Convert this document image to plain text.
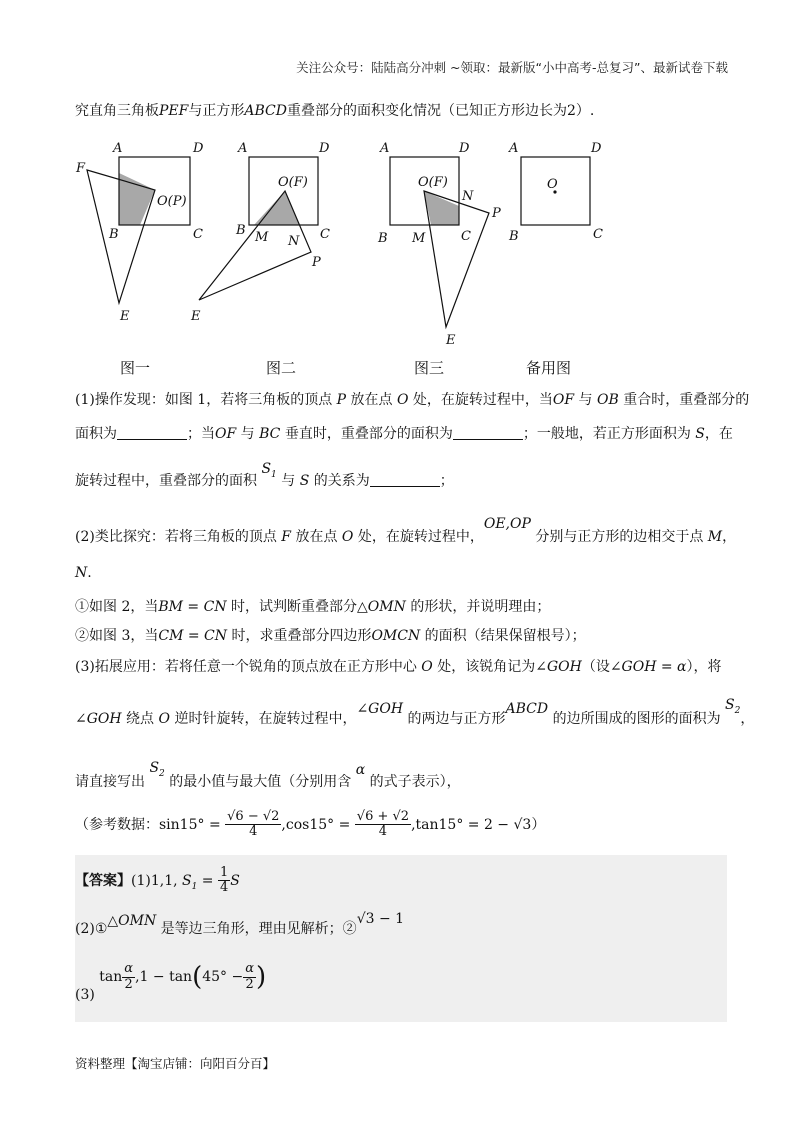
关注公众号：陆陆高分冲刺 ~领取：最新版“小中高考-总复习”、最新试卷下载
究直角三角板PEF与正方形ABCD重叠部分的面积变化情况（已知正方形边长为2）.
A	D
B	C
F
O(P)
E
A	D
B M N C
O(F)
P
E
A	D
B M	C
O(F)
N
P
E
A	D
O
B	C
图一	图二	图三	备用图
(1)操作发现：如图 1，若将三角板的顶点 P 放在点 O 处，在旋转过程中，当OF 与 OB 重合时，重叠部分的
面积为	；当OF 与 BC 垂直时，重叠部分的面积为	；一般地，若正方形面积为 S，在
旋转过程中，重叠部分的面积 $S_1$ 与 S 的关系为	；
(2)类比探究：若将三角板的顶点 F 放在点 O 处，在旋转过程中，OE,OP 分别与正方形的边相交于点 M，
N.
①如图 2，当BM = CN 时，试判断重叠部分△OMN 的形状，并说明理由；
②如图 3，当CM = CN 时，求重叠部分四边形OMCN 的面积（结果保留根号）；
(3)拓展应用：若将任意一个锐角的顶点放在正方形中心 O 处，该锐角记为∠GOH（设∠GOH = α），将
∠GOH 绕点 O 逆时针旋转，在旋转过程中，∠GOH 的两边与正方形ABCD 的边所围成的图形的面积为 $S_2$，
请直接写出 $S_2$ 的最小值与最大值（分别用含 α 的式子表示），
（参考数据：$\sin 15^\circ = \frac{√6 - √2}{4} ,\cos 15^\circ = \frac{√6 + √2}{4} ,\tan 15^\circ = 2 - √3$）
【答案】(1)1,1, $S_1 = \frac{1}{4}$ S
(2)①△OMN 是等边三角形，理由见解析；②√3 − 1
(3) $\tan \frac{\alpha}{2} ,1 - \tan(45^\circ - \frac{\alpha}{2}$ )
资料整理【淘宝店铺：向阳百分百】
